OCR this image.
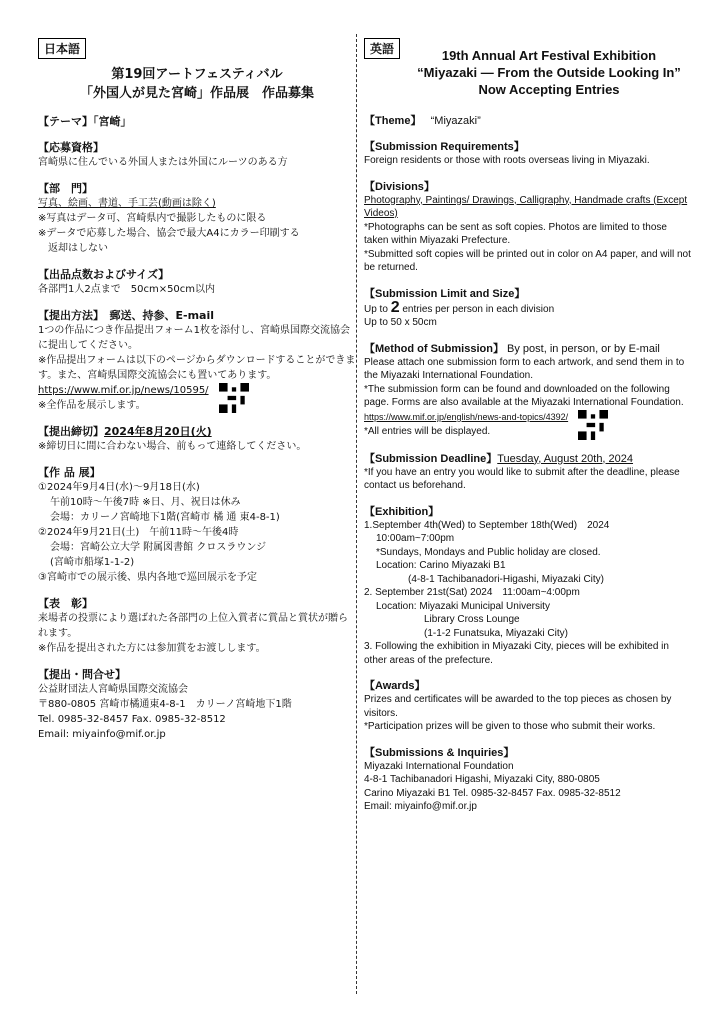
日本語
第19回アートフェスティバル
「外国人が見た宮崎」作品展　作品募集
【テーマ】「宮崎」
【応募資格】
宮崎県に住んでいる外国人または外国にルーツのある方
【部　門】
写真、絵画、書道、手工芸(動画は除く)
※写真はデータ可、宮崎県内で撮影したものに限る
※データで応募した場合、協会で最大A4にカラー印刷する
　返却はしない
【出品点数およびサイズ】
各部門1人2点まで　50cm×50cm以内
【提出方法】　郵送、持参、E-mail
1つの作品につき作品提出フォーム1枚を添付し、宮崎県国際交流協会に提出してください。
※作品提出フォームは以下のページからダウンロードすることができます。また、宮崎県国際交流協会にも置いてあります。
https://www.mif.or.jp/news/10595/
※全作品を展示します。
【提出締切】2024年8月20日(火)
※締切日に間に合わない場合、前もって連絡してください。
【作 品 展】
①2024年9月4日(水)～9月18日(水)
午前10時～午後7時 ※日、月、祝日は休み
会場：カリーノ宮崎地下1階(宮崎市 橘 通 東4-8-1)
②2024年9月21日(土)　午前11時～午後4時
会場：宮崎公立大学 附属図書館 クロスラウンジ
(宮崎市船塚1-1-2)
③宮崎市での展示後、県内各地で巡回展示を予定
【表　彰】
来場者の投票により選ばれた各部門の上位入賞者に賞品と賞状が贈られます。
※作品を提出された方には参加賞をお渡しします。
【提出・問合せ】
公益財団法人宮崎県国際交流協会
〒880-0805 宮崎市橘通東4-8-1　カリーノ宮崎地下1階
Tel. 0985-32-8457 Fax. 0985-32-8512
Email: miyainfo@mif.or.jp
英語	19th Annual Art Festival Exhibition
“Miyazaki — From the Outside Looking In”
Now Accepting Entries
【Theme】 “Miyazaki”
【Submission Requirements】
Foreign residents or those with roots overseas living in Miyazaki.
【Divisions】
Photography, Paintings/ Drawings, Calligraphy, Handmade crafts (Except Videos)
*Photographs can be sent as soft copies. Photos are limited to those taken within Miyazaki Prefecture.
*Submitted soft copies will be printed out in color on A4 paper, and will not be returned.
【Submission Limit and Size】
Up to 2 entries per person in each division
Up to 50 x 50cm
【Method of Submission】 By post, in person, or by E-mail
Please attach one submission form to each artwork, and send them in to the Miyazaki International Foundation.
*The submission form can be found and downloaded on the following page. Forms are also available at the Miyazaki International Foundation.
https://www.mif.or.jp/english/news-and-topics/4392/
*All entries will be displayed.
【Submission Deadline】Tuesday, August 20th, 2024
*If you have an entry you would like to submit after the deadline, please contact us beforehand.
【Exhibition】
1.September 4th(Wed) to September 18th(Wed)　2024
10:00am~7:00pm
*Sundays, Mondays and Public holiday are closed.
Location: Carino Miyazaki B1
(4-8-1 Tachibanadori-Higashi, Miyazaki City)
2. September 21st(Sat) 2024　11:00am~4:00pm
Location: Miyazaki Municipal University
Library Cross Lounge
(1-1-2 Funatsuka, Miyazaki City)
3. Following the exhibition in Miyazaki City, pieces will be exhibited in other areas of the prefecture.
【Awards】
Prizes and certificates will be awarded to the top pieces as chosen by visitors.
*Participation prizes will be given to those who submit their works.
【Submissions & Inquiries】
Miyazaki International Foundation
4-8-1 Tachibanadori Higashi, Miyazaki City, 880-0805
Carino Miyazaki B1 Tel. 0985-32-8457 Fax. 0985-32-8512
Email: miyainfo@mif.or.jp
